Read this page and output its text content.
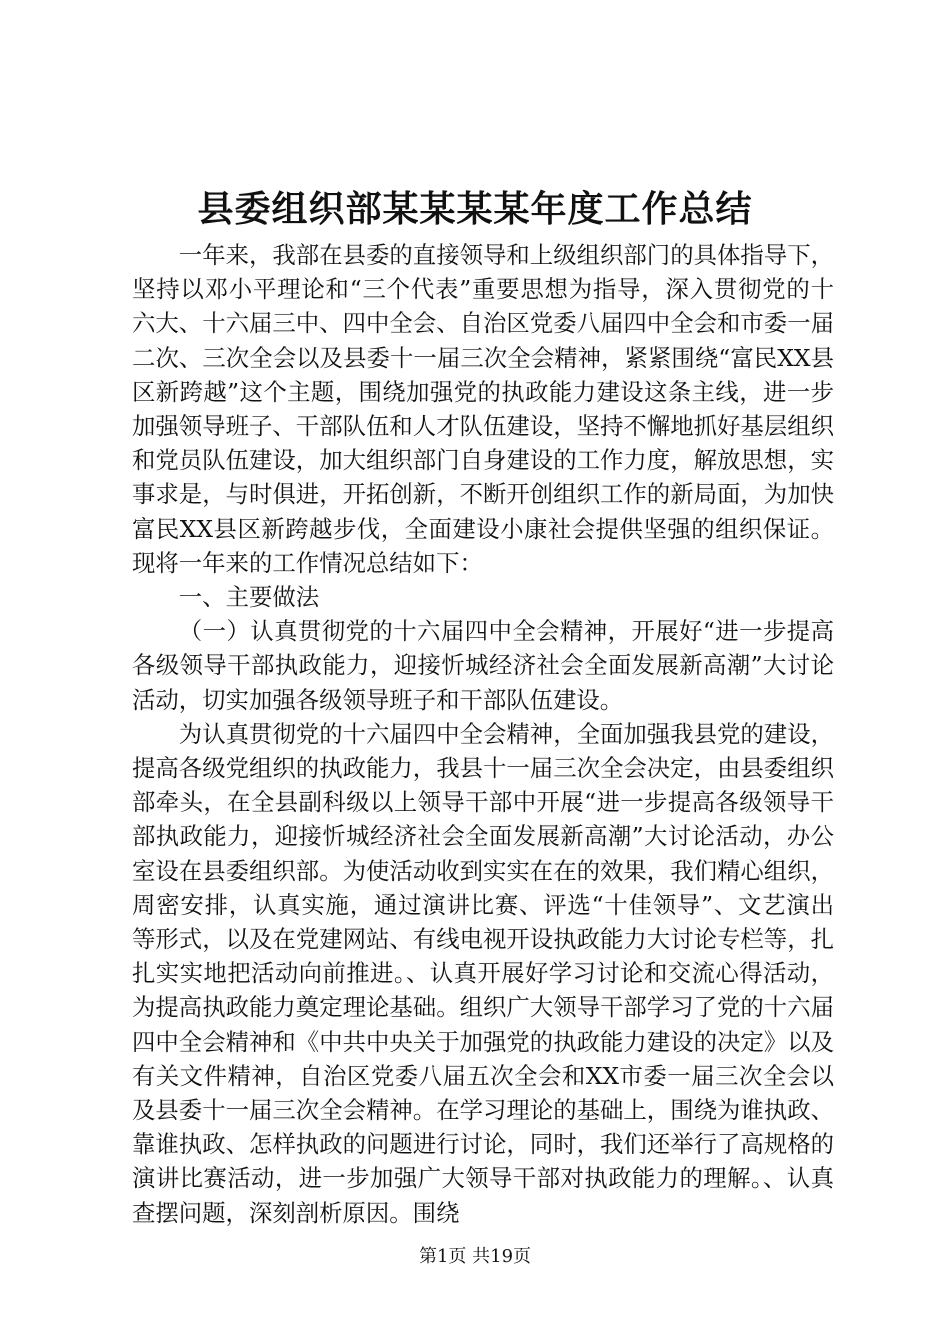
县委组织部某某某某年度工作总结

一年来，我部在县委的直接领导和上级组织部门的具体指导下，坚持以邓小平理论和“三个代表”重要思想为指导，深入贯彻党的十六大、十六届三中、四中全会、自治区党委八届四中全会和市委一届二次、三次全会以及县委十一届三次全会精神，紧紧围绕“富民XX县区新跨越”这个主题，围绕加强党的执政能力建设这条主线，进一步加强领导班子、干部队伍和人才队伍建设，坚持不懈地抓好基层组织和党员队伍建设，加大组织部门自身建设的工作力度，解放思想，实事求是，与时俱进，开拓创新，不断开创组织工作的新局面，为加快富民XX县区新跨越步伐，全面建设小康社会提供坚强的组织保证。现将一年来的工作情况总结如下：

一、主要做法

（一）认真贯彻党的十六届四中全会精神，开展好“进一步提高各级领导干部执政能力，迎接忻城经济社会全面发展新高潮”大讨论活动，切实加强各级领导班子和干部队伍建设。

为认真贯彻党的十六届四中全会精神，全面加强我县党的建设，提高各级党组织的执政能力，我县十一届三次全会决定，由县委组织部牵头，在全县副科级以上领导干部中开展“进一步提高各级领导干部执政能力，迎接忻城经济社会全面发展新高潮”大讨论活动，办公室设在县委组织部。为使活动收到实实在在的效果，我们精心组织，周密安排，认真实施，通过演讲比赛、评选“十佳领导”、文艺演出等形式，以及在党建网站、有线电视开设执政能力大讨论专栏等，扎扎实实地把活动向前推进。、认真开展好学习讨论和交流心得活动，为提高执政能力奠定理论基础。组织广大领导干部学习了党的十六届四中全会精神和《中共中央关于加强党的执政能力建设的决定》以及有关文件精神，自治区党委八届五次全会和XX市委一届三次全会以及县委十一届三次全会精神。在学习理论的基础上，围绕为谁执政、靠谁执政、怎样执政的问题进行讨论，同时，我们还举行了高规格的演讲比赛活动，进一步加强广大领导干部对执政能力的理解。、认真查摆问题，深刻剖析原因。围绕

第1页 共19页
